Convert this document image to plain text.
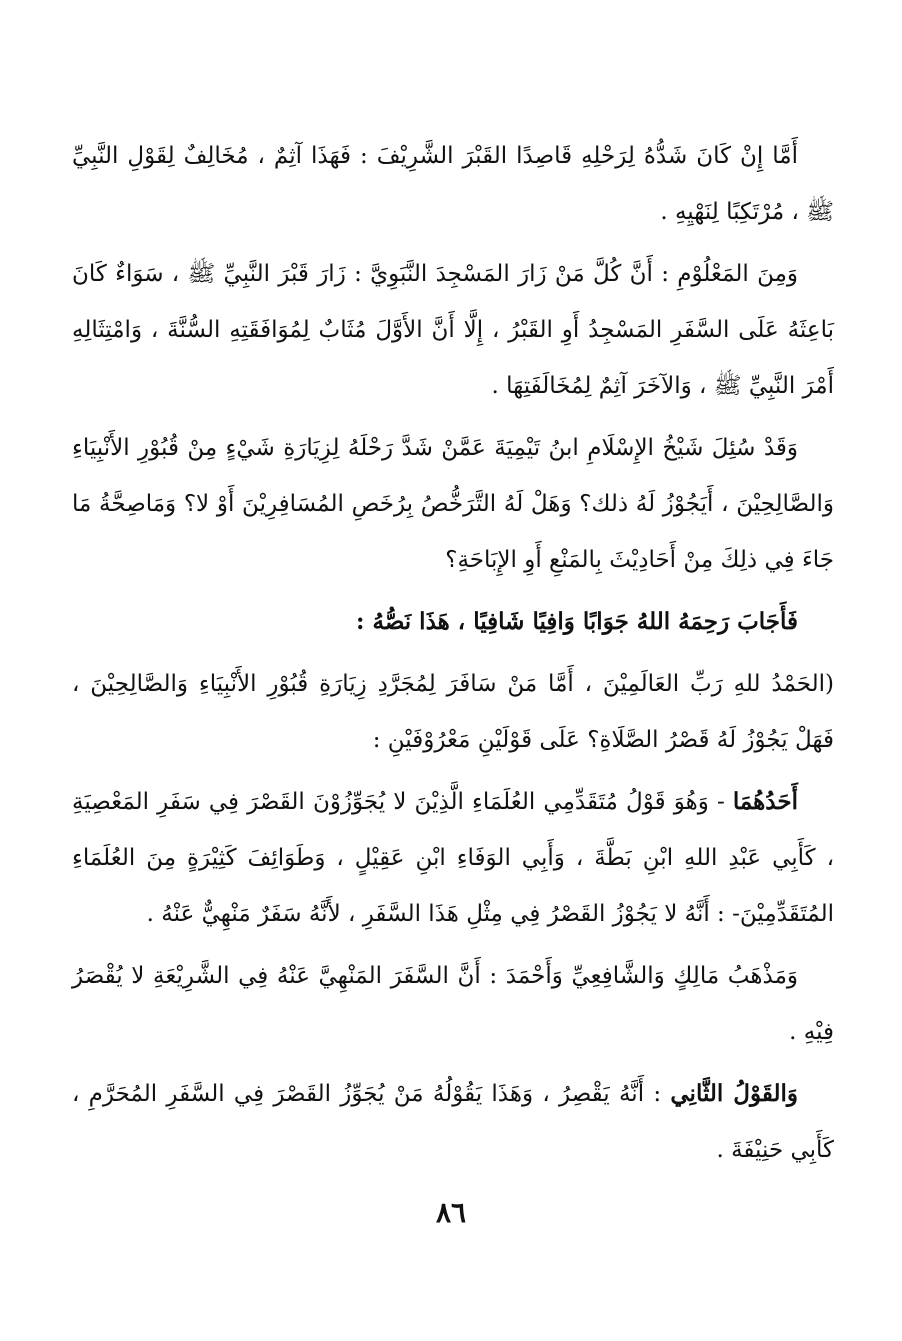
أَمَّا إِنْ كَانَ شَدُّهُ لِرَحْلِهِ قَاصِدًا القَبْرَ الشَّرِيْفَ : فَهَذَا آثِمٌ ، مُخَالِفٌ لِقَوْلِ النَّبِيِّ ﷺ ، مُرْتَكِبًا لِنَهْيِهِ .

وَمِنَ المَعْلُوْمِ : أَنَّ كُلَّ مَنْ زَارَ المَسْجِدَ النَّبَوِيَّ : زَارَ قَبْرَ النَّبِيِّ ﷺ ، سَوَاءٌ كَانَ بَاعِثَهُ عَلَى السَّفَرِ المَسْجِدُ أَوِ القَبْرُ ، إِلَّا أَنَّ الأَوَّلَ مُثَابٌ لِمُوَافَقَتِهِ السُّنَّةَ ، وَامْتِثَالِهِ أَمْرَ النَّبِيِّ ﷺ ، وَالآخَرَ آثِمٌ لِمُخَالَفَتِهَا .

وَقَدْ سُئِلَ شَيْخُ الإِسْلَامِ ابنُ تَيْمِيَةَ عَمَّنْ شَدَّ رَحْلَهُ لِزِيَارَةِ شَيْءٍ مِنْ قُبُوْرِ الأَنْبِيَاءِ وَالصَّالِحِيْنَ ، أَيَجُوْزُ لَهُ ذلك؟ وَهَلْ لَهُ التَّرَخُّصُ بِرُخَصِ المُسَافِرِيْنَ أَوْ لا؟ وَمَاصِحَّةُ مَا جَاءَ فِي ذلِكَ مِنْ أَحَادِيْثَ بِالمَنْعِ أَوِ الإِبَاحَةِ؟

فَأَجَابَ رَحِمَهُ اللهُ جَوَابًا وَافِيًا شَافِيًا ، هَذَا نَصُّهُ :

(الحَمْدُ للهِ رَبِّ العَالَمِيْنَ ، أَمَّا مَنْ سَافَرَ لِمُجَرَّدِ زِيَارَةِ قُبُوْرِ الأَنْبِيَاءِ وَالصَّالِحِيْنَ ، فَهَلْ يَجُوْزُ لَهُ قَصْرُ الصَّلَاةِ؟ عَلَى قَوْلَيْنِ مَعْرُوْفَيْنِ :

أَحَدُهُمَا - وَهُوَ قَوْلُ مُتَقَدِّمِي العُلَمَاءِ الَّذِيْنَ لا يُجَوِّزُوْنَ القَصْرَ فِي سَفَرِ المَعْصِيَةِ ، كَأَبِي عَبْدِ اللهِ ابْنِ بَطَّةَ ، وَأَبِي الوَفَاءِ ابْنِ عَقِيْلٍ ، وَطَوَائِفَ كَثِيْرَةٍ مِنَ العُلَمَاءِ المُتَقَدِّمِيْنَ- : أَنَّهُ لا يَجُوْزُ القَصْرُ فِي مِثْلِ هَذَا السَّفَرِ ، لأَنَّهُ سَفَرٌ مَنْهِيٌّ عَنْهُ .

وَمَذْهَبُ مَالِكٍ وَالشَّافِعِيِّ وَأَحْمَدَ : أَنَّ السَّفَرَ المَنْهِيَّ عَنْهُ فِي الشَّرِيْعَةِ لا يُقْصَرُ فِيْهِ .

وَالقَوْلُ الثَّانِي : أَنَّهُ يَقْصِرُ ، وَهَذَا يَقُوْلُهُ مَنْ يُجَوِّزُ القَصْرَ فِي السَّفَرِ المُحَرَّمِ ، كَأَبِي حَنِيْفَةَ .

٨٦
